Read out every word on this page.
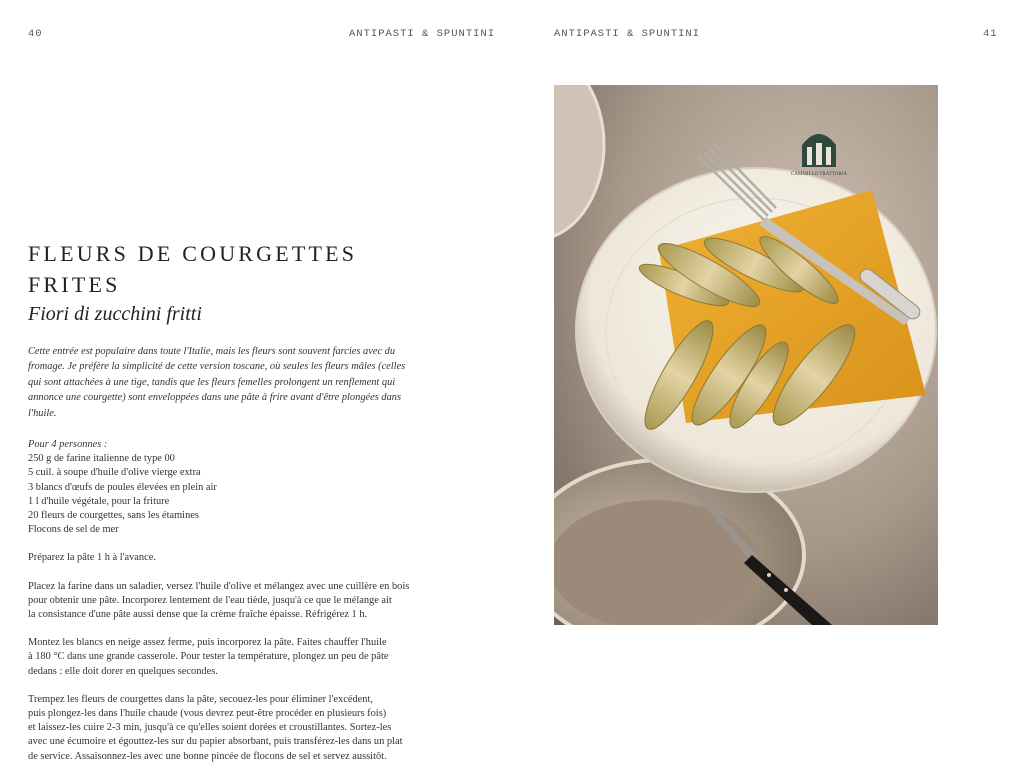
40	ANTIPASTI & SPUNTINI	ANTIPASTI & SPUNTINI	41
FLEURS DE COURGETTES
FRITES
Fiori di zucchini fritti

Cette entrée est populaire dans toute l'Italie, mais les fleurs sont souvent farcies avec du fromage. Je préfère la simplicité de cette version toscane, où seules les fleurs mâles (celles qui sont attachées à une tige, tandis que les fleurs femelles prolongent un renflement qui annonce une courgette) sont enveloppées dans une pâte à frire avant d'être plongées dans l'huile.

Pour 4 personnes :
250 g de farine italienne de type 00
5 cuil. à soupe d'huile d'olive vierge extra
3 blancs d'œufs de poules élevées en plein air
1 l d'huile végétale, pour la friture
20 fleurs de courgettes, sans les étamines
Flocons de sel de mer

Préparez la pâte 1 h à l'avance.

Placez la farine dans un saladier, versez l'huile d'olive et mélangez avec une cuillère en bois
pour obtenir une pâte. Incorporez lentement de l'eau tiède, jusqu'à ce que le mélange ait
la consistance d'une pâte aussi dense que la crème fraîche épaisse. Réfrigérez 1 h.

Montez les blancs en neige assez ferme, puis incorporez la pâte. Faites chauffer l'huile
à 180 °C dans une grande casserole. Pour tester la température, plongez un peu de pâte
dedans : elle doit dorer en quelques secondes.

Trempez les fleurs de courgettes dans la pâte, secouez-les pour éliminer l'excédent,
puis plongez-les dans l'huile chaude (vous devrez peut-être procéder en plusieurs fois)
et laissez-les cuire 2-3 min, jusqu'à ce qu'elles soient dorées et croustillantes. Sortez-les
avec une écumoire et égouttez-les sur du papier absorbant, puis transférez-les dans un plat
de service. Assaisonnez-les avec une bonne pincée de flocons de sel et servez aussitôt.

CAMMILLO TRATTORIA
